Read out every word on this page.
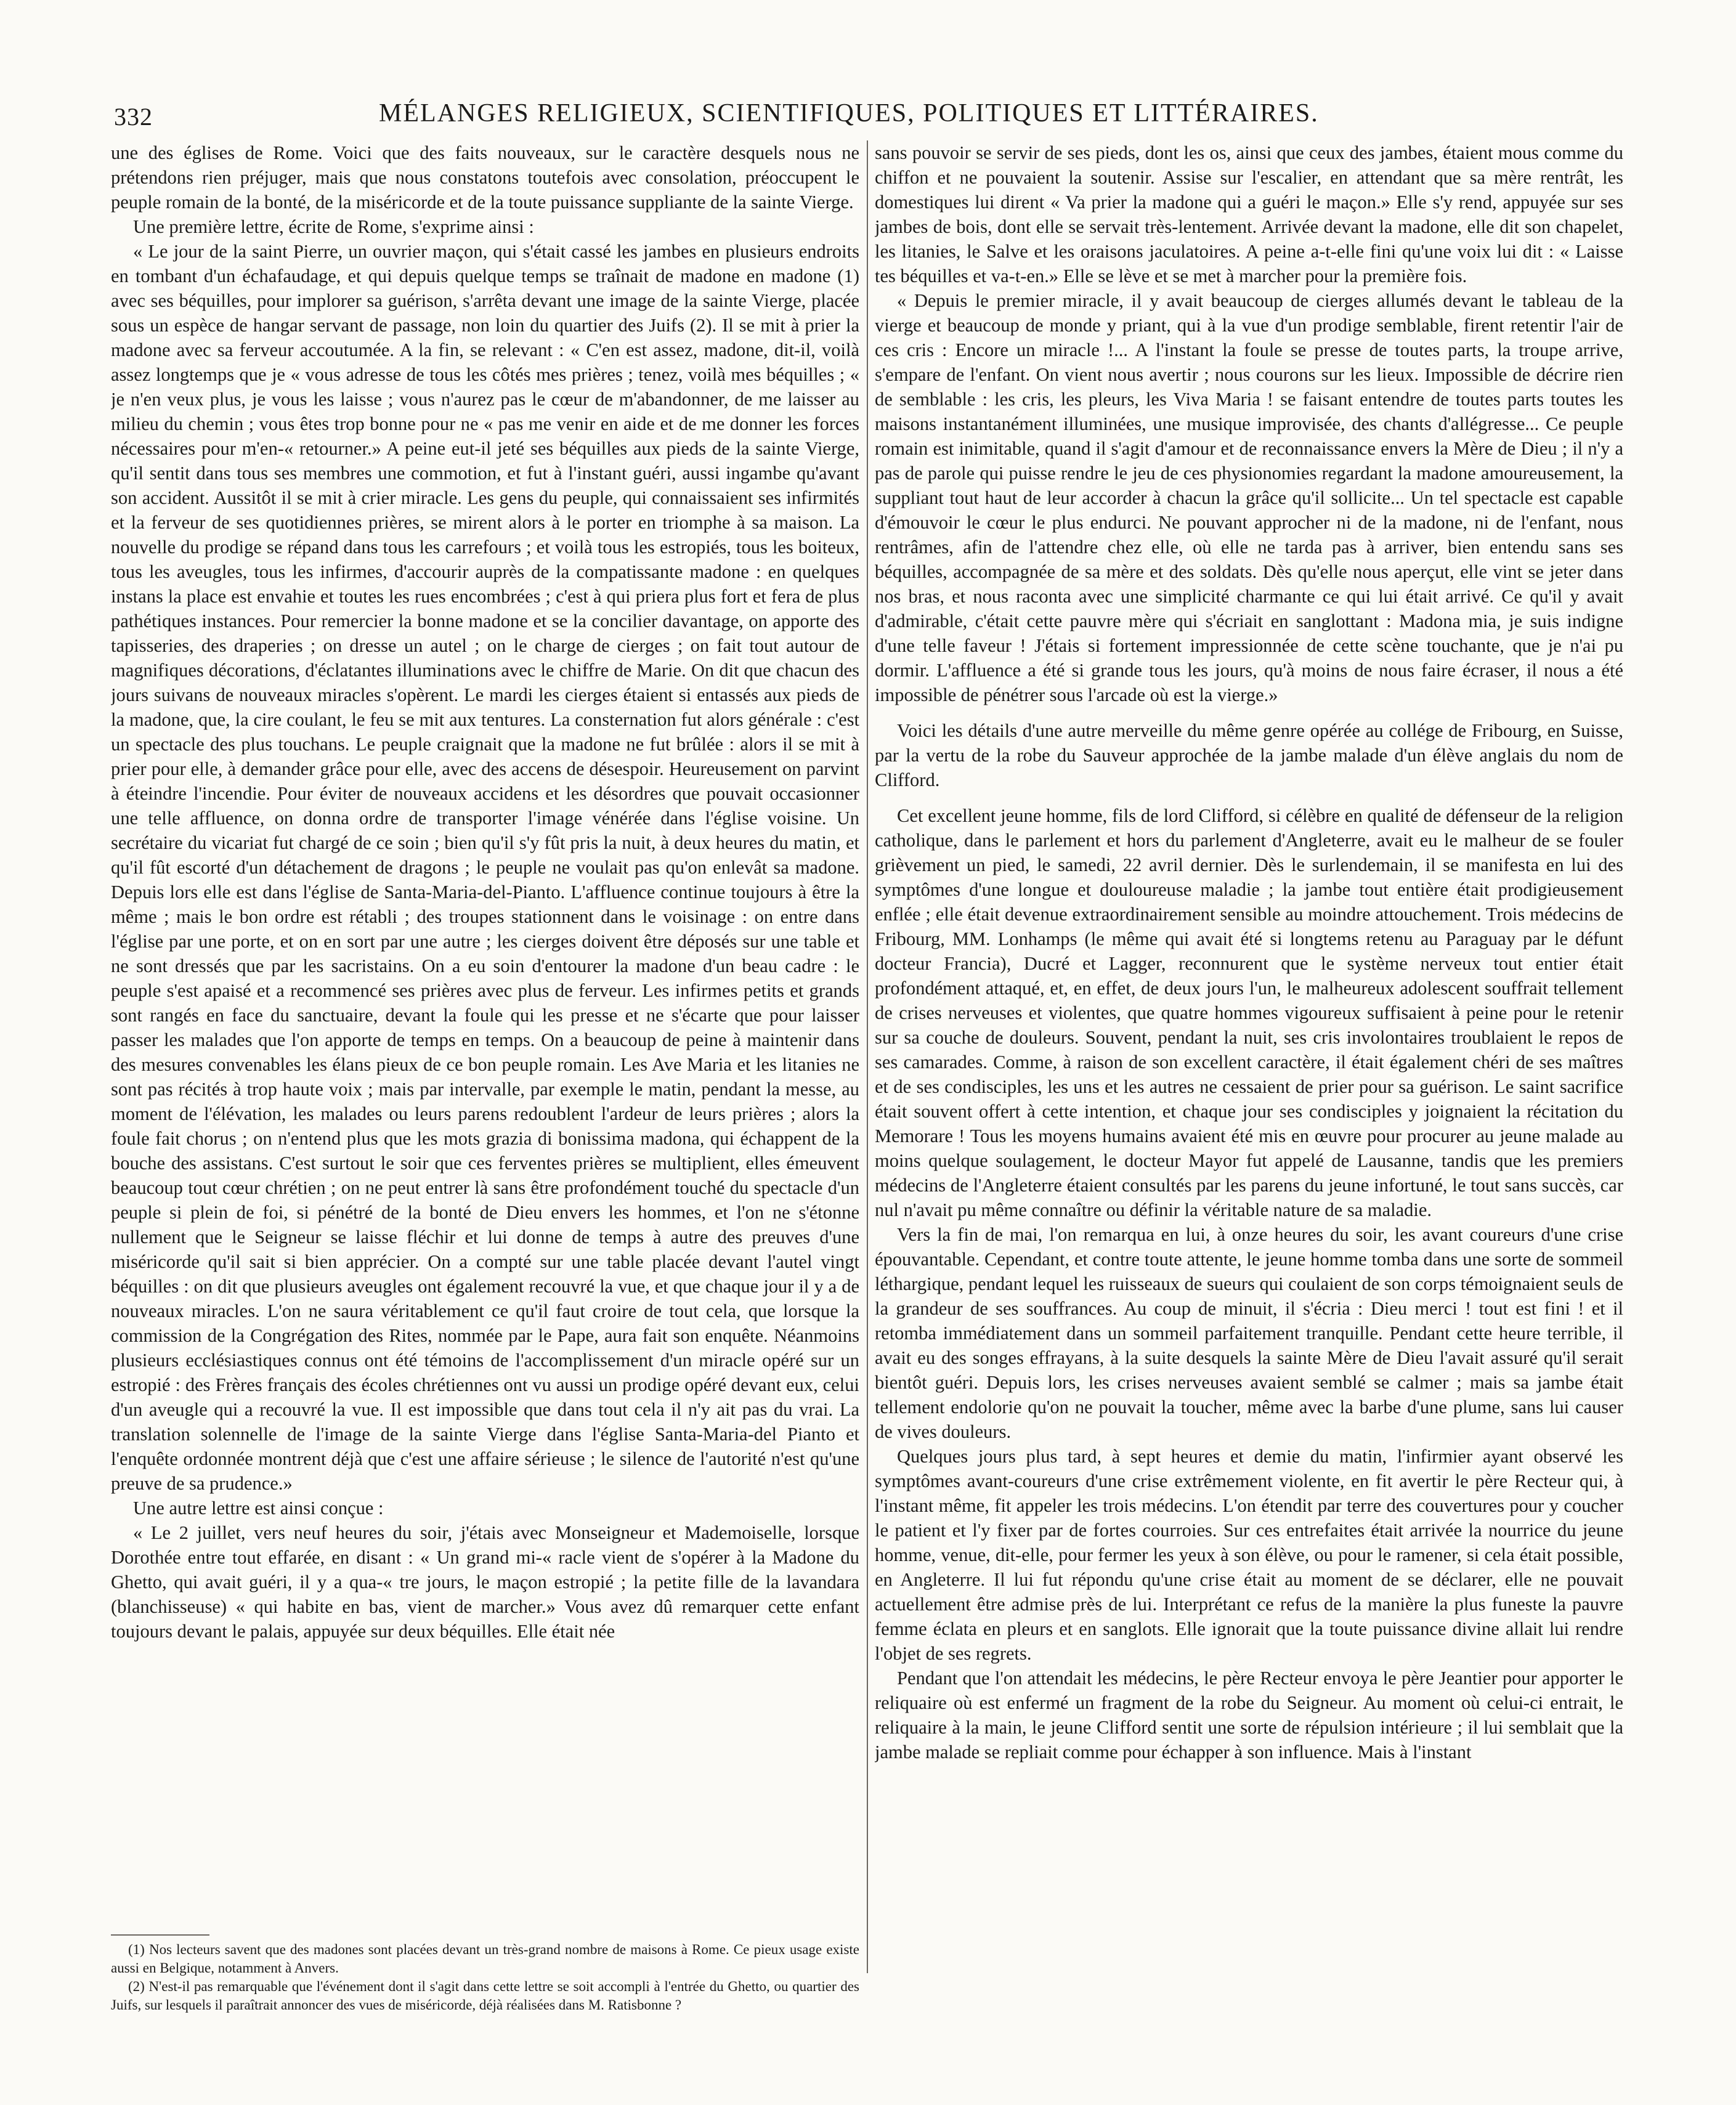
332	MÉLANGES RELIGIEUX, SCIENTIFIQUES, POLITIQUES ET LITTÉRAIRES.

une des églises de Rome. Voici que des faits nouveaux, sur le caractère desquels nous ne prétendons rien préjuger, mais que nous constatons toutefois avec consolation, préoccupent le peuple romain de la bonté, de la miséricorde et de la toute puissance suppliante de la sainte Vierge.

Une première lettre, écrite de Rome, s'exprime ainsi :

« Le jour de la saint Pierre, un ouvrier maçon, qui s'était cassé les jambes en plusieurs endroits en tombant d'un échafaudage, et qui depuis quelque temps se traînait de madone en madone (1) avec ses béquilles, pour implorer sa guérison, s'arrêta devant une image de la sainte Vierge, placée sous un espèce de hangar servant de passage, non loin du quartier des Juifs (2). Il se mit à prier la madone avec sa ferveur accoutumée. A la fin, se relevant : « C'en est assez, madone, dit-il, voilà assez longtemps que je « vous adresse de tous les côtés mes prières ; tenez, voilà mes béquilles ; « je n'en veux plus, je vous les laisse ; vous n'aurez pas le cœur de m'abandonner, de me laisser au milieu du chemin ; vous êtes trop bonne pour ne « pas me venir en aide et de me donner les forces nécessaires pour m'en-« retourner.» A peine eut-il jeté ses béquilles aux pieds de la sainte Vierge, qu'il sentit dans tous ses membres une commotion, et fut à l'instant guéri, aussi ingambe qu'avant son accident. Aussitôt il se mit à crier miracle. Les gens du peuple, qui connaissaient ses infirmités et la ferveur de ses quotidiennes prières, se mirent alors à le porter en triomphe à sa maison. La nouvelle du prodige se répand dans tous les carrefours ; et voilà tous les estropiés, tous les boiteux, tous les aveugles, tous les infirmes, d'accourir auprès de la compatissante madone : en quelques instans la place est envahie et toutes les rues encombrées ; c'est à qui priera plus fort et fera de plus pathétiques instances. Pour remercier la bonne madone et se la concilier davantage, on apporte des tapisseries, des draperies ; on dresse un autel ; on le charge de cierges ; on fait tout autour de magnifiques décorations, d'éclatantes illuminations avec le chiffre de Marie. On dit que chacun des jours suivans de nouveaux miracles s'opèrent. Le mardi les cierges étaient si entassés aux pieds de la madone, que, la cire coulant, le feu se mit aux tentures. La consternation fut alors générale : c'est un spectacle des plus touchans. Le peuple craignait que la madone ne fut brûlée : alors il se mit à prier pour elle, à demander grâce pour elle, avec des accens de désespoir. Heureusement on parvint à éteindre l'incendie. Pour éviter de nouveaux accidens et les désordres que pouvait occasionner une telle affluence, on donna ordre de transporter l'image vénérée dans l'église voisine. Un secrétaire du vicariat fut chargé de ce soin ; bien qu'il s'y fût pris la nuit, à deux heures du matin, et qu'il fût escorté d'un détachement de dragons ; le peuple ne voulait pas qu'on enlevât sa madone. Depuis lors elle est dans l'église de Santa-Maria-del-Pianto. L'affluence continue toujours à être la même ; mais le bon ordre est rétabli ; des troupes stationnent dans le voisinage : on entre dans l'église par une porte, et on en sort par une autre ; les cierges doivent être déposés sur une table et ne sont dressés que par les sacristains. On a eu soin d'entourer la madone d'un beau cadre : le peuple s'est apaisé et a recommencé ses prières avec plus de ferveur. Les infirmes petits et grands sont rangés en face du sanctuaire, devant la foule qui les presse et ne s'écarte que pour laisser passer les malades que l'on apporte de temps en temps. On a beaucoup de peine à maintenir dans des mesures convenables les élans pieux de ce bon peuple romain. Les Ave Maria et les litanies ne sont pas récités à trop haute voix ; mais par intervalle, par exemple le matin, pendant la messe, au moment de l'élévation, les malades ou leurs parens redoublent l'ardeur de leurs prières ; alors la foule fait chorus ; on n'entend plus que les mots grazia di bonissima madona, qui échappent de la bouche des assistans. C'est surtout le soir que ces ferventes prières se multiplient, elles émeuvent beaucoup tout cœur chrétien ; on ne peut entrer là sans être profondément touché du spectacle d'un peuple si plein de foi, si pénétré de la bonté de Dieu envers les hommes, et l'on ne s'étonne nullement que le Seigneur se laisse fléchir et lui donne de temps à autre des preuves d'une miséricorde qu'il sait si bien apprécier. On a compté sur une table placée devant l'autel vingt béquilles : on dit que plusieurs aveugles ont également recouvré la vue, et que chaque jour il y a de nouveaux miracles. L'on ne saura véritablement ce qu'il faut croire de tout cela, que lorsque la commission de la Congrégation des Rites, nommée par le Pape, aura fait son enquête. Néanmoins plusieurs ecclésiastiques connus ont été témoins de l'accomplissement d'un miracle opéré sur un estropié : des Frères français des écoles chrétiennes ont vu aussi un prodige opéré devant eux, celui d'un aveugle qui a recouvré la vue. Il est impossible que dans tout cela il n'y ait pas du vrai. La translation solennelle de l'image de la sainte Vierge dans l'église Santa-Maria-del Pianto et l'enquête ordonnée montrent déjà que c'est une affaire sérieuse ; le silence de l'autorité n'est qu'une preuve de sa prudence.»

Une autre lettre est ainsi conçue :

« Le 2 juillet, vers neuf heures du soir, j'étais avec Monseigneur et Mademoiselle, lorsque Dorothée entre tout effarée, en disant : « Un grand mi-« racle vient de s'opérer à la Madone du Ghetto, qui avait guéri, il y a qua-« tre jours, le maçon estropié ; la petite fille de la lavandara (blanchisseuse) « qui habite en bas, vient de marcher.» Vous avez dû remarquer cette enfant toujours devant le palais, appuyée sur deux béquilles. Elle était née

sans pouvoir se servir de ses pieds, dont les os, ainsi que ceux des jambes, étaient mous comme du chiffon et ne pouvaient la soutenir. Assise sur l'escalier, en attendant que sa mère rentrât, les domestiques lui dirent « Va prier la madone qui a guéri le maçon.» Elle s'y rend, appuyée sur ses jambes de bois, dont elle se servait très-lentement. Arrivée devant la madone, elle dit son chapelet, les litanies, le Salve et les oraisons jaculatoires. A peine a-t-elle fini qu'une voix lui dit : « Laisse tes béquilles et va-t-en.» Elle se lève et se met à marcher pour la première fois.

« Depuis le premier miracle, il y avait beaucoup de cierges allumés devant le tableau de la vierge et beaucoup de monde y priant, qui à la vue d'un prodige semblable, firent retentir l'air de ces cris : Encore un miracle !... A l'instant la foule se presse de toutes parts, la troupe arrive, s'empare de l'enfant. On vient nous avertir ; nous courons sur les lieux. Impossible de décrire rien de semblable : les cris, les pleurs, les Viva Maria ! se faisant entendre de toutes parts toutes les maisons instantanément illuminées, une musique improvisée, des chants d'allégresse... Ce peuple romain est inimitable, quand il s'agit d'amour et de reconnaissance envers la Mère de Dieu ; il n'y a pas de parole qui puisse rendre le jeu de ces physionomies regardant la madone amoureusement, la suppliant tout haut de leur accorder à chacun la grâce qu'il sollicite... Un tel spectacle est capable d'émouvoir le cœur le plus endurci. Ne pouvant approcher ni de la madone, ni de l'enfant, nous rentrâmes, afin de l'attendre chez elle, où elle ne tarda pas à arriver, bien entendu sans ses béquilles, accompagnée de sa mère et des soldats. Dès qu'elle nous aperçut, elle vint se jeter dans nos bras, et nous raconta avec une simplicité charmante ce qui lui était arrivé. Ce qu'il y avait d'admirable, c'était cette pauvre mère qui s'écriait en sanglottant : Madona mia, je suis indigne d'une telle faveur ! J'étais si fortement impressionnée de cette scène touchante, que je n'ai pu dormir. L'affluence a été si grande tous les jours, qu'à moins de nous faire écraser, il nous a été impossible de pénétrer sous l'arcade où est la vierge.»

Voici les détails d'une autre merveille du même genre opérée au collége de Fribourg, en Suisse, par la vertu de la robe du Sauveur approchée de la jambe malade d'un élève anglais du nom de Clifford.

Cet excellent jeune homme, fils de lord Clifford, si célèbre en qualité de défenseur de la religion catholique, dans le parlement et hors du parlement d'Angleterre, avait eu le malheur de se fouler grièvement un pied, le samedi, 22 avril dernier. Dès le surlendemain, il se manifesta en lui des symptômes d'une longue et douloureuse maladie ; la jambe tout entière était prodigieusement enflée ; elle était devenue extraordinairement sensible au moindre attouchement. Trois médecins de Fribourg, MM. Lonhamps (le même qui avait été si longtems retenu au Paraguay par le défunt docteur Francia), Ducré et Lagger, reconnurent que le système nerveux tout entier était profondément attaqué, et, en effet, de deux jours l'un, le malheureux adolescent souffrait tellement de crises nerveuses et violentes, que quatre hommes vigoureux suffisaient à peine pour le retenir sur sa couche de douleurs. Souvent, pendant la nuit, ses cris involontaires troublaient le repos de ses camarades. Comme, à raison de son excellent caractère, il était également chéri de ses maîtres et de ses condisciples, les uns et les autres ne cessaient de prier pour sa guérison. Le saint sacrifice était souvent offert à cette intention, et chaque jour ses condisciples y joignaient la récitation du Memorare ! Tous les moyens humains avaient été mis en œuvre pour procurer au jeune malade au moins quelque soulagement, le docteur Mayor fut appelé de Lausanne, tandis que les premiers médecins de l'Angleterre étaient consultés par les parens du jeune infortuné, le tout sans succès, car nul n'avait pu même connaître ou définir la véritable nature de sa maladie.

Vers la fin de mai, l'on remarqua en lui, à onze heures du soir, les avant coureurs d'une crise épouvantable. Cependant, et contre toute attente, le jeune homme tomba dans une sorte de sommeil léthargique, pendant lequel les ruisseaux de sueurs qui coulaient de son corps témoignaient seuls de la grandeur de ses souffrances. Au coup de minuit, il s'écria : Dieu merci ! tout est fini ! et il retomba immédiatement dans un sommeil parfaitement tranquille. Pendant cette heure terrible, il avait eu des songes effrayans, à la suite desquels la sainte Mère de Dieu l'avait assuré qu'il serait bientôt guéri. Depuis lors, les crises nerveuses avaient semblé se calmer ; mais sa jambe était tellement endolorie qu'on ne pouvait la toucher, même avec la barbe d'une plume, sans lui causer de vives douleurs.

Quelques jours plus tard, à sept heures et demie du matin, l'infirmier ayant observé les symptômes avant-coureurs d'une crise extrêmement violente, en fit avertir le père Recteur qui, à l'instant même, fit appeler les trois médecins. L'on étendit par terre des couvertures pour y coucher le patient et l'y fixer par de fortes courroies. Sur ces entrefaites était arrivée la nourrice du jeune homme, venue, dit-elle, pour fermer les yeux à son élève, ou pour le ramener, si cela était possible, en Angleterre. Il lui fut répondu qu'une crise était au moment de se déclarer, elle ne pouvait actuellement être admise près de lui. Interprétant ce refus de la manière la plus funeste la pauvre femme éclata en pleurs et en sanglots. Elle ignorait que la toute puissance divine allait lui rendre l'objet de ses regrets.

Pendant que l'on attendait les médecins, le père Recteur envoya le père Jeantier pour apporter le reliquaire où est enfermé un fragment de la robe du Seigneur. Au moment où celui-ci entrait, le reliquaire à la main, le jeune Clifford sentit une sorte de répulsion intérieure ; il lui semblait que la jambe malade se repliait comme pour échapper à son influence. Mais à l'instant

(1) Nos lecteurs savent que des madones sont placées devant un très-grand nombre de maisons à Rome. Ce pieux usage existe aussi en Belgique, notamment à Anvers.

(2) N'est-il pas remarquable que l'événement dont il s'agit dans cette lettre se soit accompli à l'entrée du Ghetto, ou quartier des Juifs, sur lesquels il paraîtrait annoncer des vues de miséricorde, déjà réalisées dans M. Ratisbonne ?
